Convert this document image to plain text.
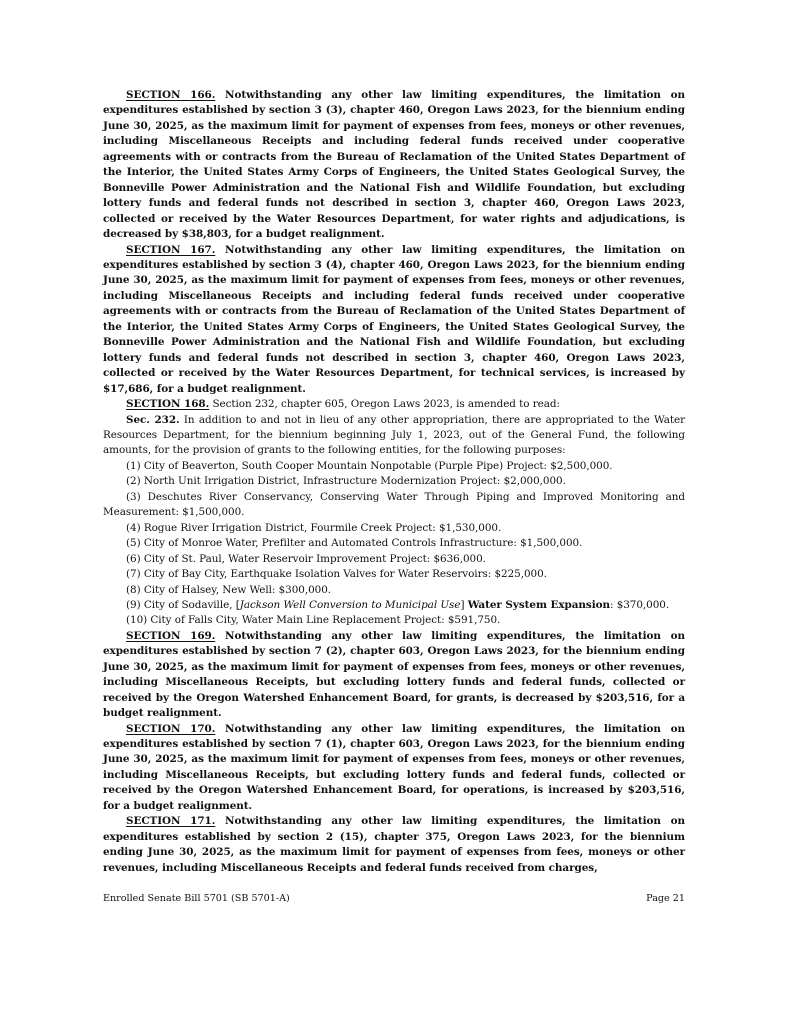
SECTION 166. Notwithstanding any other law limiting expenditures, the limitation on expenditures established by section 3 (3), chapter 460, Oregon Laws 2023, for the biennium ending June 30, 2025, as the maximum limit for payment of expenses from fees, moneys or other revenues, including Miscellaneous Receipts and including federal funds received under cooperative agreements with or contracts from the Bureau of Reclamation of the United States Department of the Interior, the United States Army Corps of Engineers, the United States Geological Survey, the Bonneville Power Administration and the National Fish and Wildlife Foundation, but excluding lottery funds and federal funds not described in section 3, chapter 460, Oregon Laws 2023, collected or received by the Water Resources Department, for water rights and adjudications, is decreased by $38,803, for a budget realignment.

SECTION 167. Notwithstanding any other law limiting expenditures, the limitation on expenditures established by section 3 (4), chapter 460, Oregon Laws 2023, for the biennium ending June 30, 2025, as the maximum limit for payment of expenses from fees, moneys or other revenues, including Miscellaneous Receipts and including federal funds received under cooperative agreements with or contracts from the Bureau of Reclamation of the United States Department of the Interior, the United States Army Corps of Engineers, the United States Geological Survey, the Bonneville Power Administration and the National Fish and Wildlife Foundation, but excluding lottery funds and federal funds not described in section 3, chapter 460, Oregon Laws 2023, collected or received by the Water Resources Department, for technical services, is increased by $17,686, for a budget realignment.

SECTION 168. Section 232, chapter 605, Oregon Laws 2023, is amended to read:

Sec. 232. In addition to and not in lieu of any other appropriation, there are appropriated to the Water Resources Department, for the biennium beginning July 1, 2023, out of the General Fund, the following amounts, for the provision of grants to the following entities, for the following purposes:

(1) City of Beaverton, South Cooper Mountain Nonpotable (Purple Pipe) Project: $2,500,000.

(2) North Unit Irrigation District, Infrastructure Modernization Project: $2,000,000.

(3) Deschutes River Conservancy, Conserving Water Through Piping and Improved Monitoring and Measurement: $1,500,000.

(4) Rogue River Irrigation District, Fourmile Creek Project: $1,530,000.

(5) City of Monroe Water, Prefilter and Automated Controls Infrastructure: $1,500,000.

(6) City of St. Paul, Water Reservoir Improvement Project: $636,000.

(7) City of Bay City, Earthquake Isolation Valves for Water Reservoirs: $225,000.

(8) City of Halsey, New Well: $300,000.

(9) City of Sodaville, [Jackson Well Conversion to Municipal Use] Water System Expansion: $370,000.

(10) City of Falls City, Water Main Line Replacement Project: $591,750.

SECTION 169. Notwithstanding any other law limiting expenditures, the limitation on expenditures established by section 7 (2), chapter 603, Oregon Laws 2023, for the biennium ending June 30, 2025, as the maximum limit for payment of expenses from fees, moneys or other revenues, including Miscellaneous Receipts, but excluding lottery funds and federal funds, collected or received by the Oregon Watershed Enhancement Board, for grants, is decreased by $203,516, for a budget realignment.

SECTION 170. Notwithstanding any other law limiting expenditures, the limitation on expenditures established by section 7 (1), chapter 603, Oregon Laws 2023, for the biennium ending June 30, 2025, as the maximum limit for payment of expenses from fees, moneys or other revenues, including Miscellaneous Receipts, but excluding lottery funds and federal funds, collected or received by the Oregon Watershed Enhancement Board, for operations, is increased by $203,516, for a budget realignment.

SECTION 171. Notwithstanding any other law limiting expenditures, the limitation on expenditures established by section 2 (15), chapter 375, Oregon Laws 2023, for the biennium ending June 30, 2025, as the maximum limit for payment of expenses from fees, moneys or other revenues, including Miscellaneous Receipts and federal funds received from charges,

Enrolled Senate Bill 5701 (SB 5701-A)	Page 21
